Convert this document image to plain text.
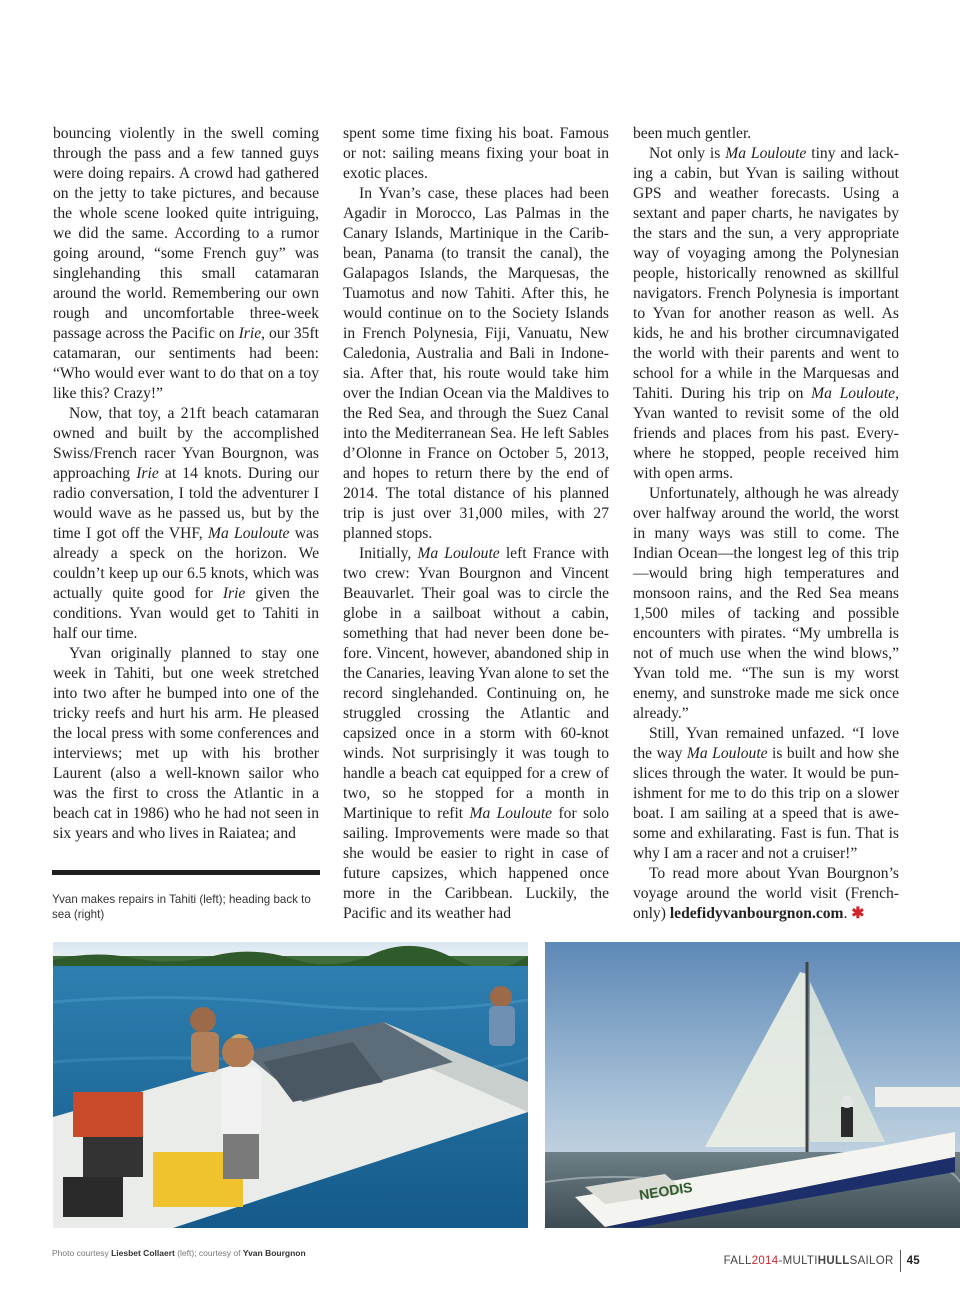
bouncing violently in the swell coming through the pass and a few tanned guys were doing repairs. A crowd had gathered on the jetty to take pictures, and because the whole scene looked quite intriguing, we did the same. According to a rumor going around, “some French guy” was singlehanding this small catamaran around the world. Remembering our own rough and uncomfortable three-week passage across the Pacific on Irie, our 35ft catamaran, our sentiments had been: “Who would ever want to do that on a toy like this? Crazy!”

Now, that toy, a 21ft beach catamaran owned and built by the accomplished Swiss/French racer Yvan Bourgnon, was approaching Irie at 14 knots. During our radio conversation, I told the adventurer I would wave as he passed us, but by the time I got off the VHF, Ma Louloute was already a speck on the horizon. We couldn’t keep up our 6.5 knots, which was actually quite good for Irie given the conditions. Yvan would get to Tahiti in half our time.

Yvan originally planned to stay one week in Tahiti, but one week stretched into two after he bumped into one of the tricky reefs and hurt his arm. He pleased the local press with some conferences and interviews; met up with his brother Laurent (also a well-known sailor who was the first to cross the Atlantic in a beach cat in 1986) who he had not seen in six years and who lives in Raiatea; and

spent some time fixing his boat. Famous or not: sailing means fixing your boat in exotic places.

In Yvan’s case, these places had been Agadir in Morocco, Las Palmas in the Canary Islands, Martinique in the Caribbean, Panama (to transit the canal), the Galapagos Islands, the Marquesas, the Tuamotus and now Tahiti. After this, he would continue on to the Society Islands in French Polynesia, Fiji, Vanuatu, New Caledonia, Australia and Bali in Indonesia. After that, his route would take him over the Indian Ocean via the Maldives to the Red Sea, and through the Suez Canal into the Mediterranean Sea. He left Sables d’Olonne in France on October 5, 2013, and hopes to return there by the end of 2014. The total distance of his planned trip is just over 31,000 miles, with 27 planned stops.

Initially, Ma Louloute left France with two crew: Yvan Bourgnon and Vincent Beauvarlet. Their goal was to circle the globe in a sailboat without a cabin, something that had never been done before. Vincent, however, abandoned ship in the Canaries, leaving Yvan alone to set the record singlehanded. Continuing on, he struggled crossing the Atlantic and capsized once in a storm with 60-knot winds. Not surprisingly it was tough to handle a beach cat equipped for a crew of two, so he stopped for a month in Martinique to refit Ma Louloute for solo sailing. Improvements were made so that she would be easier to right in case of future capsizes, which happened once more in the Caribbean. Luckily, the Pacific and its weather had

been much gentler.

Not only is Ma Louloute tiny and lacking a cabin, but Yvan is sailing without GPS and weather forecasts. Using a sextant and paper charts, he navigates by the stars and the sun, a very appropriate way of voyaging among the Polynesian people, historically renowned as skillful navigators. French Polynesia is important to Yvan for another reason as well. As kids, he and his brother circumnavigated the world with their parents and went to school for a while in the Marquesas and Tahiti. During his trip on Ma Louloute, Yvan wanted to revisit some of the old friends and places from his past. Everywhere he stopped, people received him with open arms.

Unfortunately, although he was already over halfway around the world, the worst in many ways was still to come. The Indian Ocean—the longest leg of this trip—would bring high temperatures and monsoon rains, and the Red Sea means 1,500 miles of tacking and possible encounters with pirates. “My umbrella is not of much use when the wind blows,” Yvan told me. “The sun is my worst enemy, and sunstroke made me sick once already.”

Still, Yvan remained unfazed. “I love the way Ma Louloute is built and how she slices through the water. It would be punishment for me to do this trip on a slower boat. I am sailing at a speed that is awesome and exhilarating. Fast is fun. That is why I am a racer and not a cruiser!”

To read more about Yvan Bourgnon’s voyage around the world visit (French-only) ledefidyvanbourgnon.com. ✱

Yvan makes repairs in Tahiti (left); heading back to sea (right)
NEODIS
Photo courtesy Liesbet Collaert (left); courtesy of Yvan Bourgnon
FALL 2014 - MULTI HULL SAILOR 45
